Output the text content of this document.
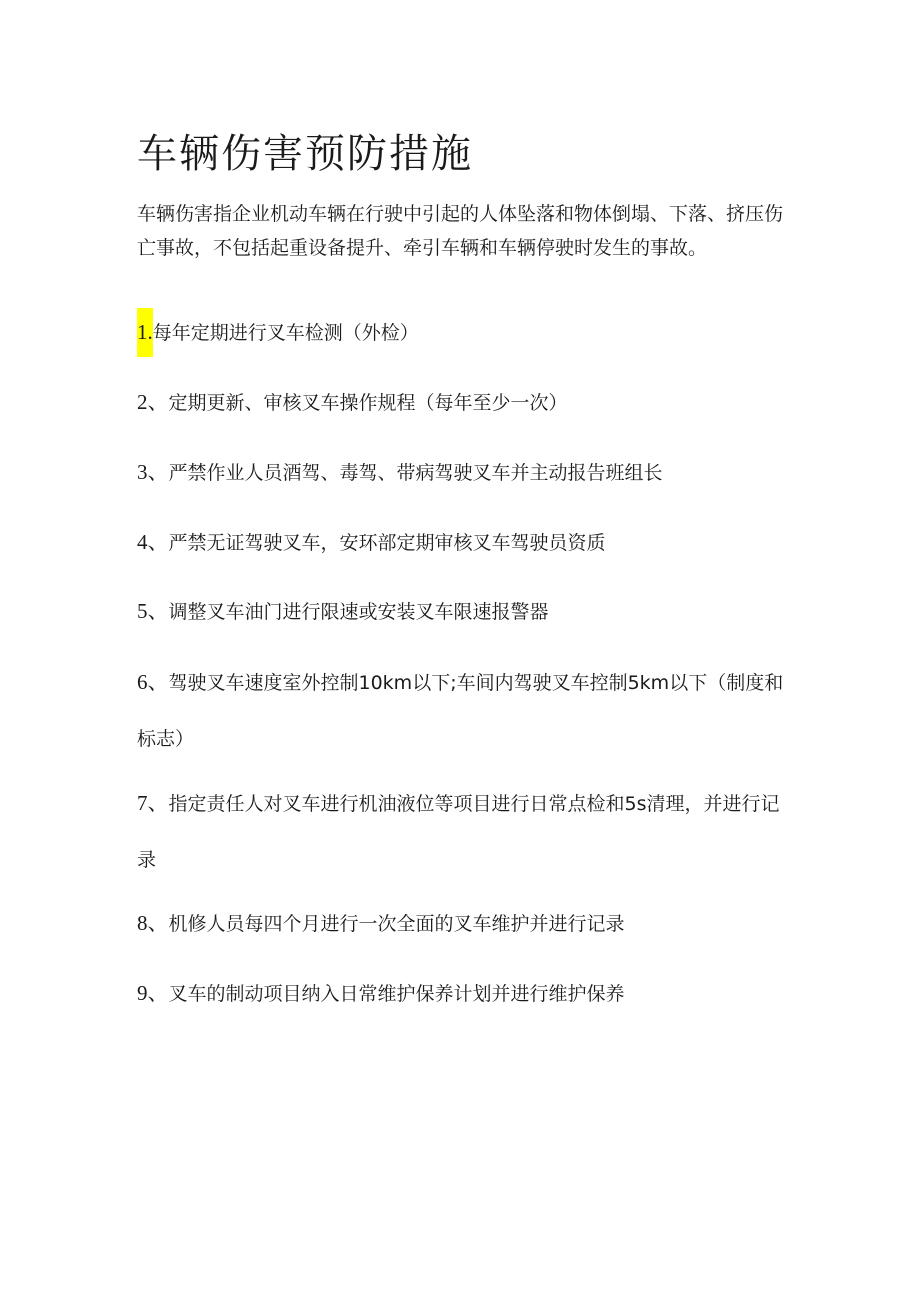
车辆伤害预防措施

车辆伤害指企业机动车辆在行驶中引起的人体坠落和物体倒塌、下落、挤压伤亡事故，不包括起重设备提升、牵引车辆和车辆停驶时发生的事故。

1.每年定期进行叉车检测（外检）

2、定期更新、审核叉车操作规程（每年至少一次）

3、严禁作业人员酒驾、毒驾、带病驾驶叉车并主动报告班组长

4、严禁无证驾驶叉车，安环部定期审核叉车驾驶员资质

5、调整叉车油门进行限速或安装叉车限速报警器

6、驾驶叉车速度室外控制10km以下;车间内驾驶叉车控制5km以下（制度和标志）

7、指定责任人对叉车进行机油液位等项目进行日常点检和5s清理，并进行记录

8、机修人员每四个月进行一次全面的叉车维护并进行记录

9、叉车的制动项目纳入日常维护保养计划并进行维护保养
